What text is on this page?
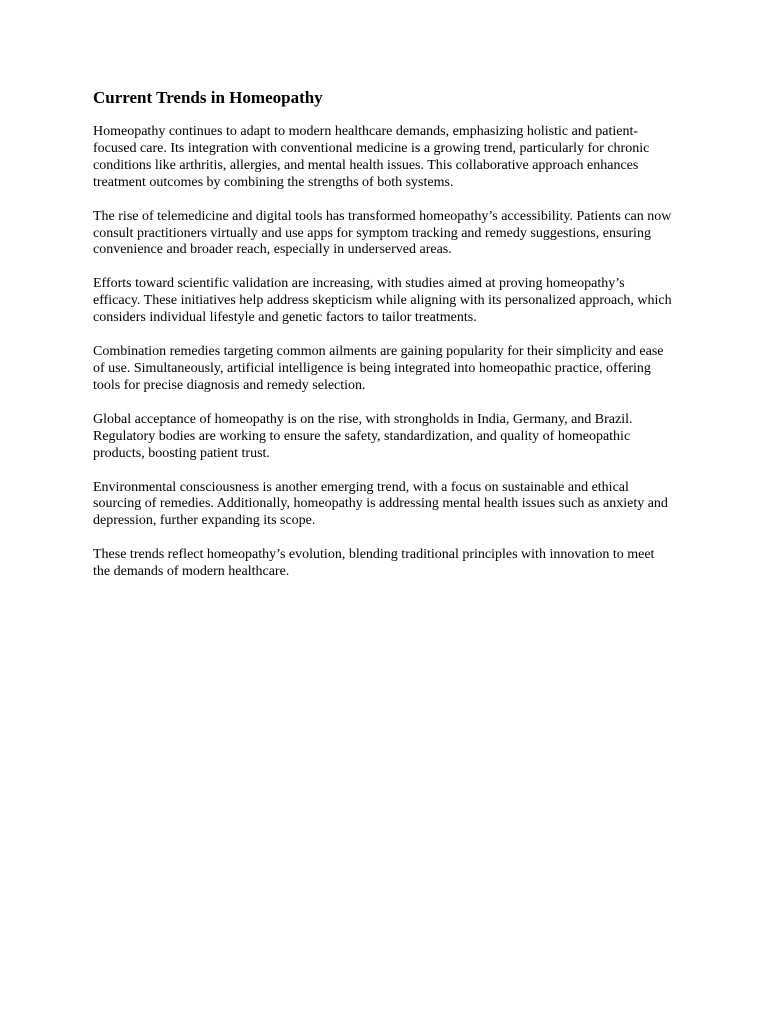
Current Trends in Homeopathy

Homeopathy continues to adapt to modern healthcare demands, emphasizing holistic and patient-focused care. Its integration with conventional medicine is a growing trend, particularly for chronic conditions like arthritis, allergies, and mental health issues. This collaborative approach enhances treatment outcomes by combining the strengths of both systems.

The rise of telemedicine and digital tools has transformed homeopathy’s accessibility. Patients can now consult practitioners virtually and use apps for symptom tracking and remedy suggestions, ensuring convenience and broader reach, especially in underserved areas.

Efforts toward scientific validation are increasing, with studies aimed at proving homeopathy’s efficacy. These initiatives help address skepticism while aligning with its personalized approach, which considers individual lifestyle and genetic factors to tailor treatments.

Combination remedies targeting common ailments are gaining popularity for their simplicity and ease of use. Simultaneously, artificial intelligence is being integrated into homeopathic practice, offering tools for precise diagnosis and remedy selection.

Global acceptance of homeopathy is on the rise, with strongholds in India, Germany, and Brazil. Regulatory bodies are working to ensure the safety, standardization, and quality of homeopathic products, boosting patient trust.

Environmental consciousness is another emerging trend, with a focus on sustainable and ethical sourcing of remedies. Additionally, homeopathy is addressing mental health issues such as anxiety and depression, further expanding its scope.

These trends reflect homeopathy’s evolution, blending traditional principles with innovation to meet the demands of modern healthcare.
